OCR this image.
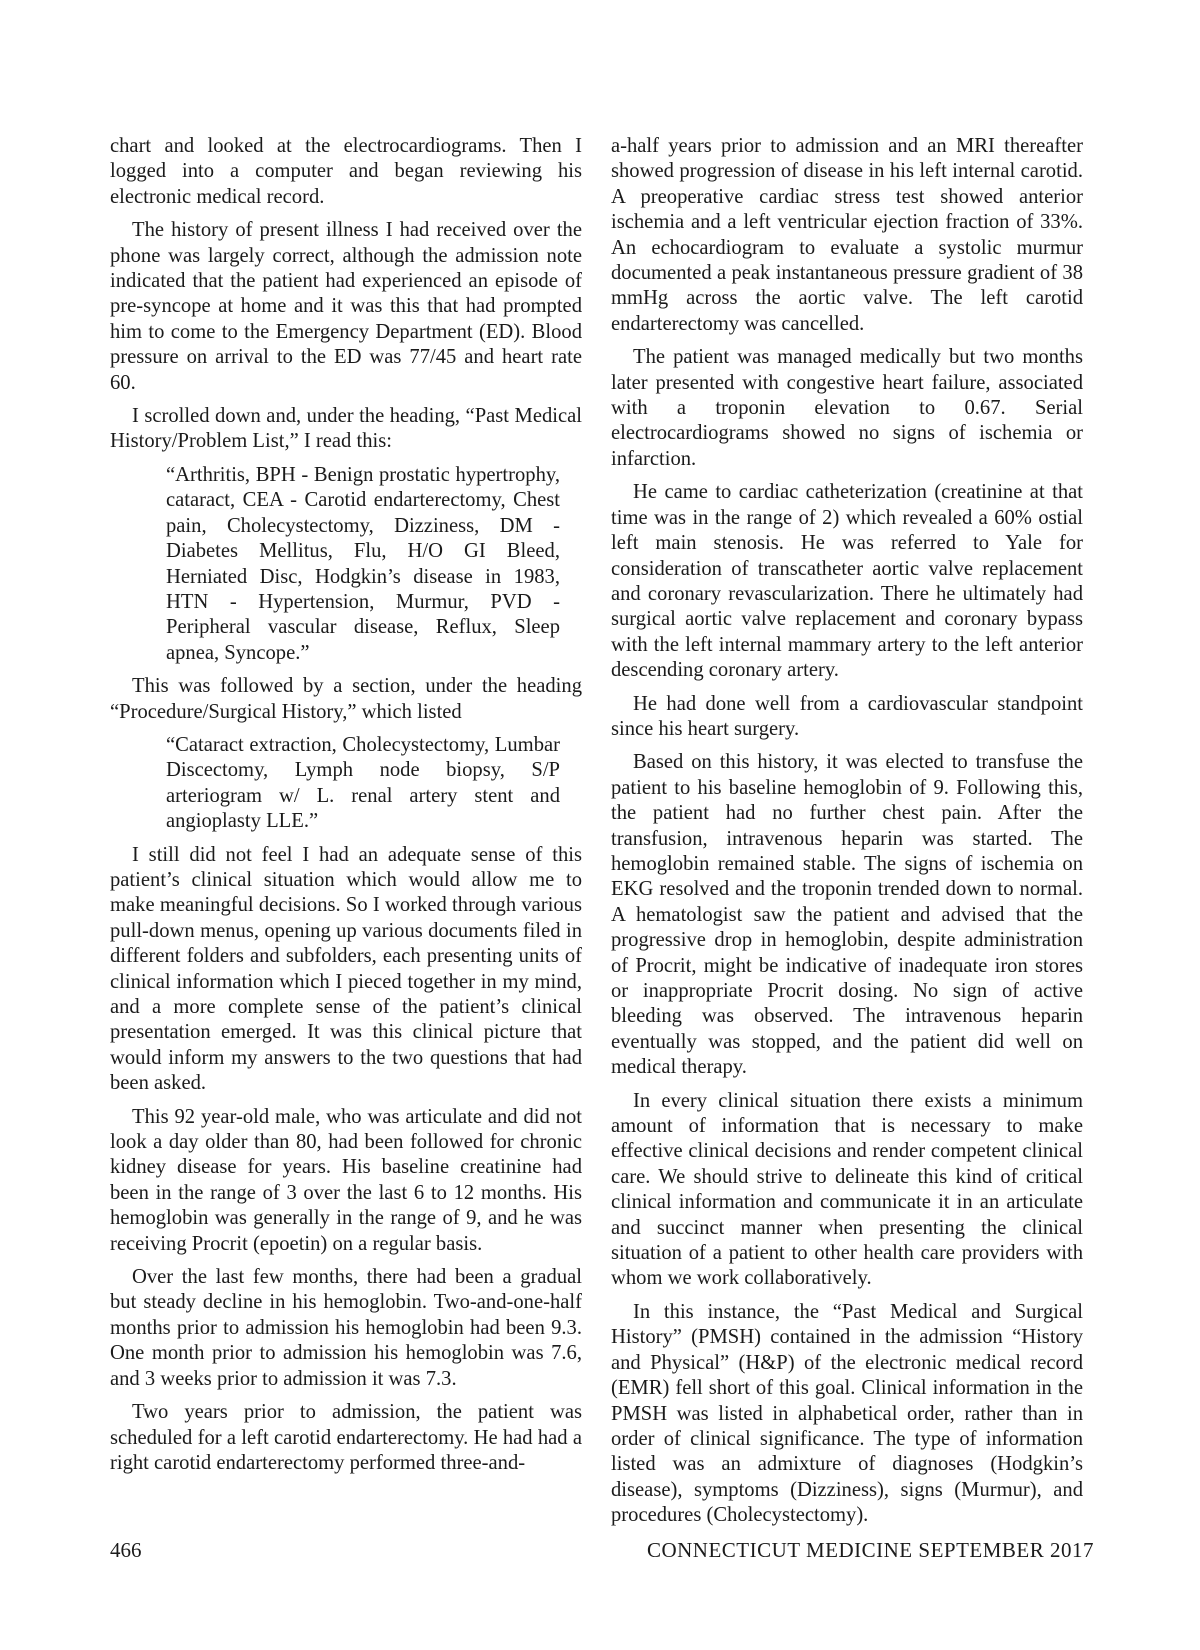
chart and looked at the electrocardiograms. Then I logged into a computer and began reviewing his electronic medical record.

The history of present illness I had received over the phone was largely correct, although the admission note indicated that the patient had experienced an episode of pre-syncope at home and it was this that had prompted him to come to the Emergency Department (ED). Blood pressure on arrival to the ED was 77/45 and heart rate 60.

I scrolled down and, under the heading, “Past Medical History/Problem List,” I read this:

“Arthritis, BPH - Benign prostatic hypertrophy, cataract, CEA - Carotid endarterectomy, Chest pain, Cholecystectomy, Dizziness, DM - Diabetes Mellitus, Flu, H/O GI Bleed, Herniated Disc, Hodgkin’s disease in 1983, HTN - Hypertension, Murmur, PVD - Peripheral vascular disease, Reflux, Sleep apnea, Syncope.”

This was followed by a section, under the heading “Procedure/Surgical History,” which listed

“Cataract extraction, Cholecystectomy, Lumbar Discectomy, Lymph node biopsy, S/P arteriogram w/ L. renal artery stent and angioplasty LLE.”

I still did not feel I had an adequate sense of this patient’s clinical situation which would allow me to make meaningful decisions. So I worked through various pull-down menus, opening up various documents filed in different folders and subfolders, each presenting units of clinical information which I pieced together in my mind, and a more complete sense of the patient’s clinical presentation emerged. It was this clinical picture that would inform my answers to the two questions that had been asked.

This 92 year-old male, who was articulate and did not look a day older than 80, had been followed for chronic kidney disease for years. His baseline creatinine had been in the range of 3 over the last 6 to 12 months. His hemoglobin was generally in the range of 9, and he was receiving Procrit (epoetin) on a regular basis.

Over the last few months, there had been a gradual but steady decline in his hemoglobin. Two-and-one-half months prior to admission his hemoglobin had been 9.3. One month prior to admission his hemoglobin was 7.6, and 3 weeks prior to admission it was 7.3.

Two years prior to admission, the patient was scheduled for a left carotid endarterectomy. He had had a right carotid endarterectomy performed three-and-

a-half years prior to admission and an MRI thereafter showed progression of disease in his left internal carotid. A preoperative cardiac stress test showed anterior ischemia and a left ventricular ejection fraction of 33%. An echocardiogram to evaluate a systolic murmur documented a peak instantaneous pressure gradient of 38 mmHg across the aortic valve. The left carotid endarterectomy was cancelled.

The patient was managed medically but two months later presented with congestive heart failure, associated with a troponin elevation to 0.67. Serial electrocardiograms showed no signs of ischemia or infarction.

He came to cardiac catheterization (creatinine at that time was in the range of 2) which revealed a 60% ostial left main stenosis. He was referred to Yale for consideration of transcatheter aortic valve replacement and coronary revascularization. There he ultimately had surgical aortic valve replacement and coronary bypass with the left internal mammary artery to the left anterior descending coronary artery.

He had done well from a cardiovascular standpoint since his heart surgery.

Based on this history, it was elected to transfuse the patient to his baseline hemoglobin of 9. Following this, the patient had no further chest pain. After the transfusion, intravenous heparin was started. The hemoglobin remained stable. The signs of ischemia on EKG resolved and the troponin trended down to normal. A hematologist saw the patient and advised that the progressive drop in hemoglobin, despite administration of Procrit, might be indicative of inadequate iron stores or inappropriate Procrit dosing. No sign of active bleeding was observed. The intravenous heparin eventually was stopped, and the patient did well on medical therapy.

In every clinical situation there exists a minimum amount of information that is necessary to make effective clinical decisions and render competent clinical care. We should strive to delineate this kind of critical clinical information and communicate it in an articulate and succinct manner when presenting the clinical situation of a patient to other health care providers with whom we work collaboratively.

In this instance, the “Past Medical and Surgical History” (PMSH) contained in the admission “History and Physical” (H&P) of the electronic medical record (EMR) fell short of this goal. Clinical information in the PMSH was listed in alphabetical order, rather than in order of clinical significance. The type of information listed was an admixture of diagnoses (Hodgkin’s disease), symptoms (Dizziness), signs (Murmur), and procedures (Cholecystectomy).

466	CONNECTICUT MEDICINE SEPTEMBER 2017
